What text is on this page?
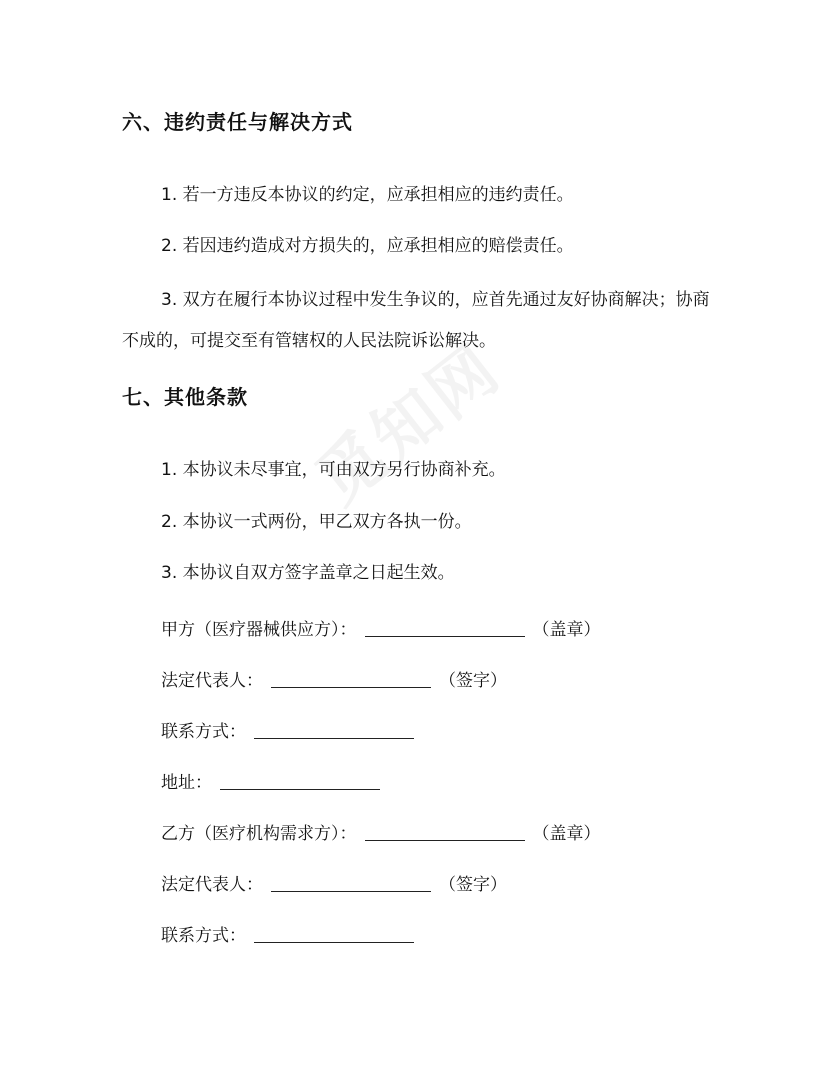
六、违约责任与解决方式
1. 若一方违反本协议的约定，应承担相应的违约责任。
2. 若因违约造成对方损失的，应承担相应的赔偿责任。
3. 双方在履行本协议过程中发生争议的，应首先通过友好协商解决；协商不成的，可提交至有管辖权的人民法院诉讼解决。
七、其他条款
1. 本协议未尽事宜，可由双方另行协商补充。
2. 本协议一式两份，甲乙双方各执一份。
3. 本协议自双方签字盖章之日起生效。
甲方（医疗器械供应方）：	（盖章）
法定代表人：	（签字）
联系方式：
地址：
乙方（医疗机构需求方）：	（盖章）
法定代表人：	（签字）
联系方式：
